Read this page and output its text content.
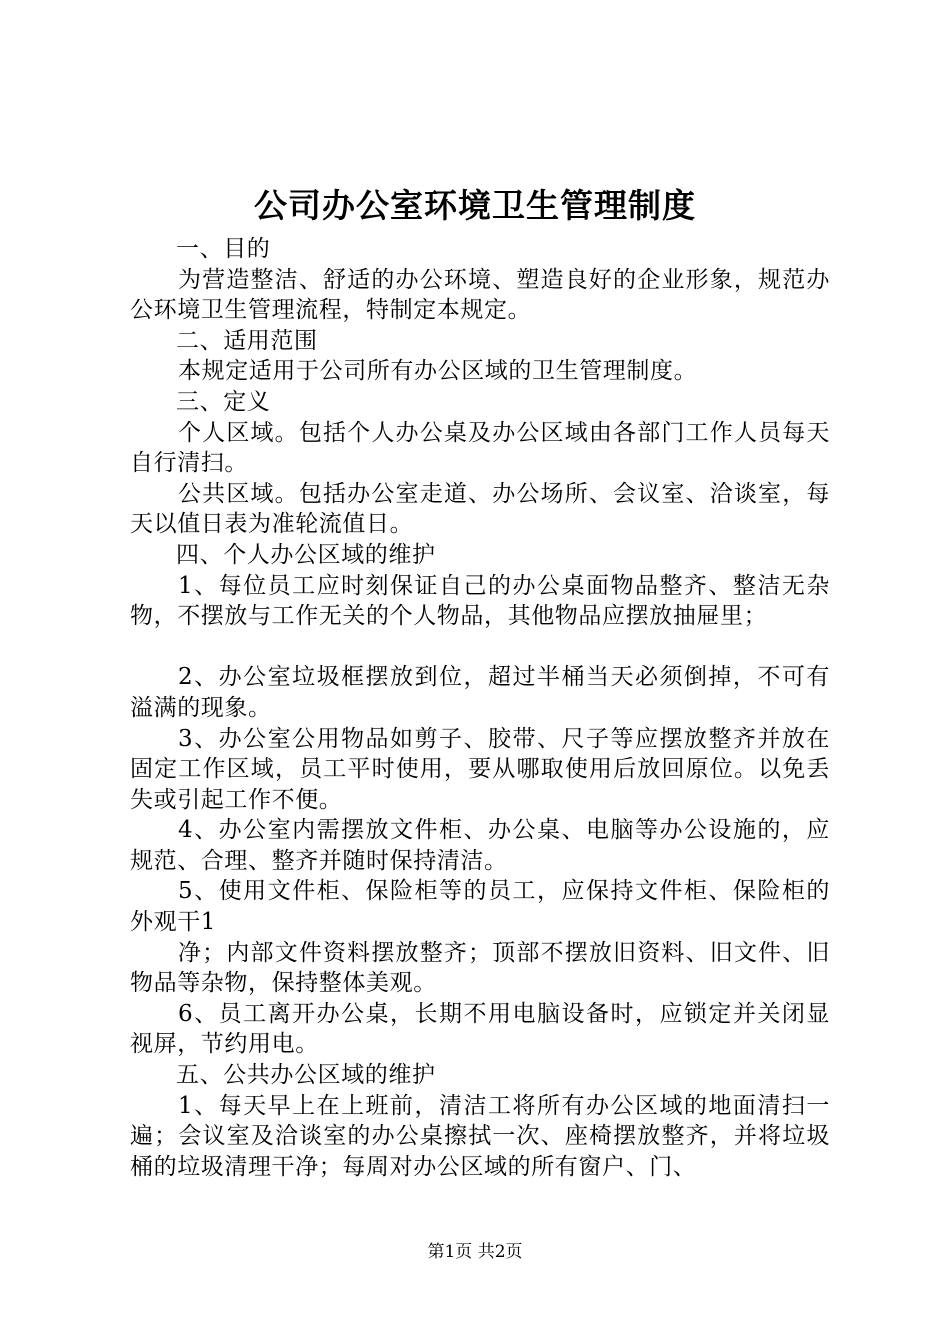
公司办公室环境卫生管理制度

一、目的

为营造整洁、舒适的办公环境、塑造良好的企业形象，规范办公环境卫生管理流程，特制定本规定。

二、适用范围

本规定适用于公司所有办公区域的卫生管理制度。

三、定义

个人区域。包括个人办公桌及办公区域由各部门工作人员每天自行清扫。

公共区域。包括办公室走道、办公场所、会议室、洽谈室，每天以值日表为准轮流值日。

四、个人办公区域的维护

1、每位员工应时刻保证自己的办公桌面物品整齐、整洁无杂物，不摆放与工作无关的个人物品，其他物品应摆放抽屉里；

2、办公室垃圾框摆放到位，超过半桶当天必须倒掉，不可有溢满的现象。

3、办公室公用物品如剪子、胶带、尺子等应摆放整齐并放在固定工作区域，员工平时使用，要从哪取使用后放回原位。以免丢失或引起工作不便。

4、办公室内需摆放文件柜、办公桌、电脑等办公设施的，应规范、合理、整齐并随时保持清洁。

5、使用文件柜、保险柜等的员工，应保持文件柜、保险柜的外观干1

净；内部文件资料摆放整齐；顶部不摆放旧资料、旧文件、旧物品等杂物，保持整体美观。

6、员工离开办公桌，长期不用电脑设备时，应锁定并关闭显视屏，节约用电。

五、公共办公区域的维护

1、每天早上在上班前，清洁工将所有办公区域的地面清扫一遍；会议室及洽谈室的办公桌擦拭一次、座椅摆放整齐，并将垃圾桶的垃圾清理干净；每周对办公区域的所有窗户、门、

第1页 共2页
